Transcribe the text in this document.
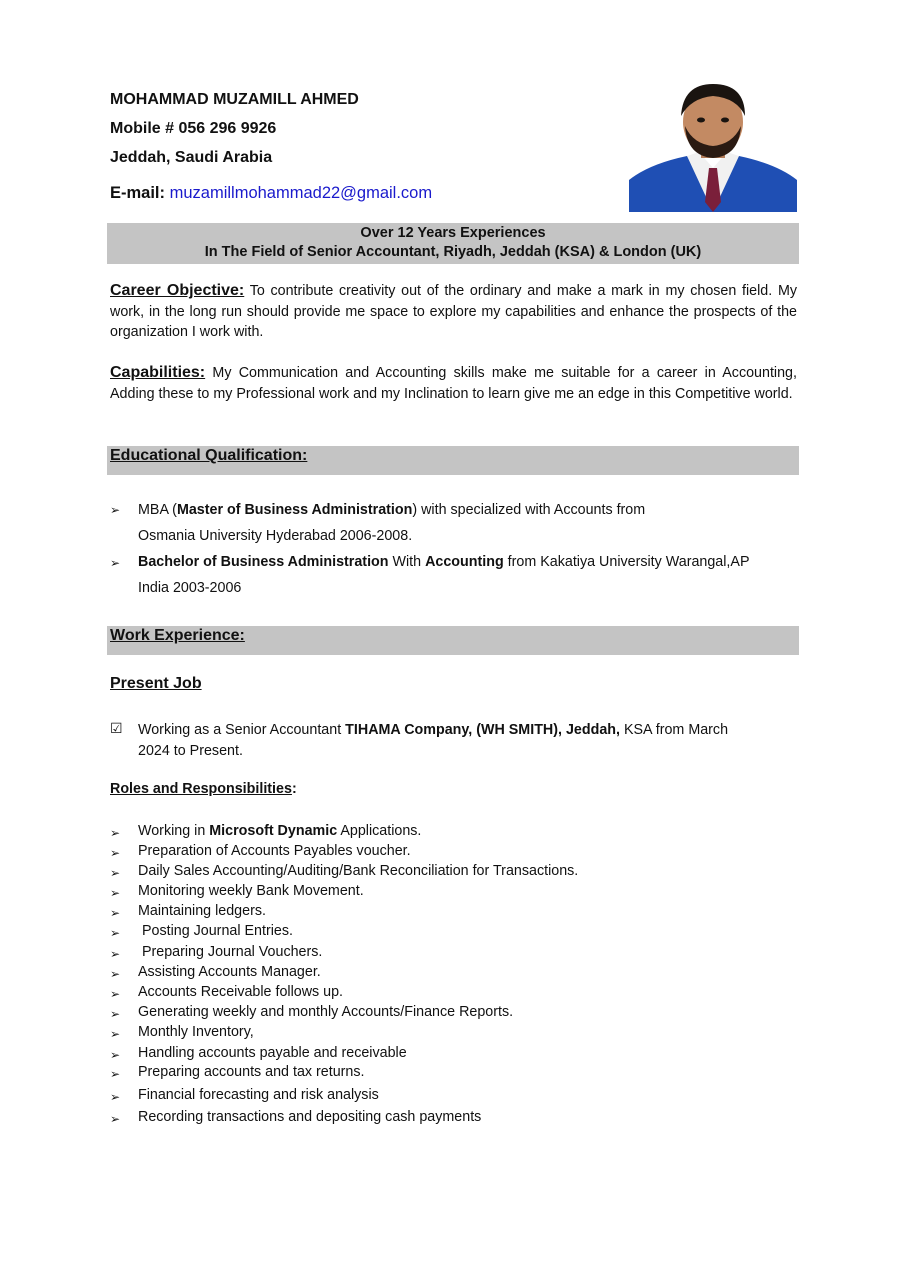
MOHAMMAD MUZAMILL AHMED
Mobile # 056 296 9926
Jeddah, Saudi Arabia
E-mail: muzamillmohammad22@gmail.com
Over 12 Years Experiences
In The Field of Senior Accountant, Riyadh, Jeddah (KSA) & London (UK)
Career Objective: To contribute creativity out of the ordinary and make a mark in my chosen field. My work, in the long run should provide me space to explore my capabilities and enhance the prospects of the organization I work with.
Capabilities: My Communication and Accounting skills make me suitable for a career in Accounting, Adding these to my Professional work and my Inclination to learn give me an edge in this Competitive world.
Educational Qualification:
➢ MBA (Master of Business Administration) with specialized with Accounts from
Osmania University Hyderabad 2006-2008.
➢ Bachelor of Business Administration With Accounting from Kakatiya University Warangal,AP
India 2003-2006
Work Experience:
Present Job
☑ Working as a Senior Accountant TIHAMA Company, (WH SMITH), Jeddah, KSA from March
2024 to Present.
Roles and Responsibilities:
➢ Working in Microsoft Dynamic Applications.
➢ Preparation of Accounts Payables voucher.
➢ Daily Sales Accounting/Auditing/Bank Reconciliation for Transactions.
➢ Monitoring weekly Bank Movement.
➢ Maintaining ledgers.
➢ Posting Journal Entries.
➢ Preparing Journal Vouchers.
➢ Assisting Accounts Manager.
➢ Accounts Receivable follows up.
➢ Generating weekly and monthly Accounts/Finance Reports.
➢ Monthly Inventory,
➢ Handling accounts payable and receivable
➢ Preparing accounts and tax returns.
➢ Financial forecasting and risk analysis
➢ Recording transactions and depositing cash payments
